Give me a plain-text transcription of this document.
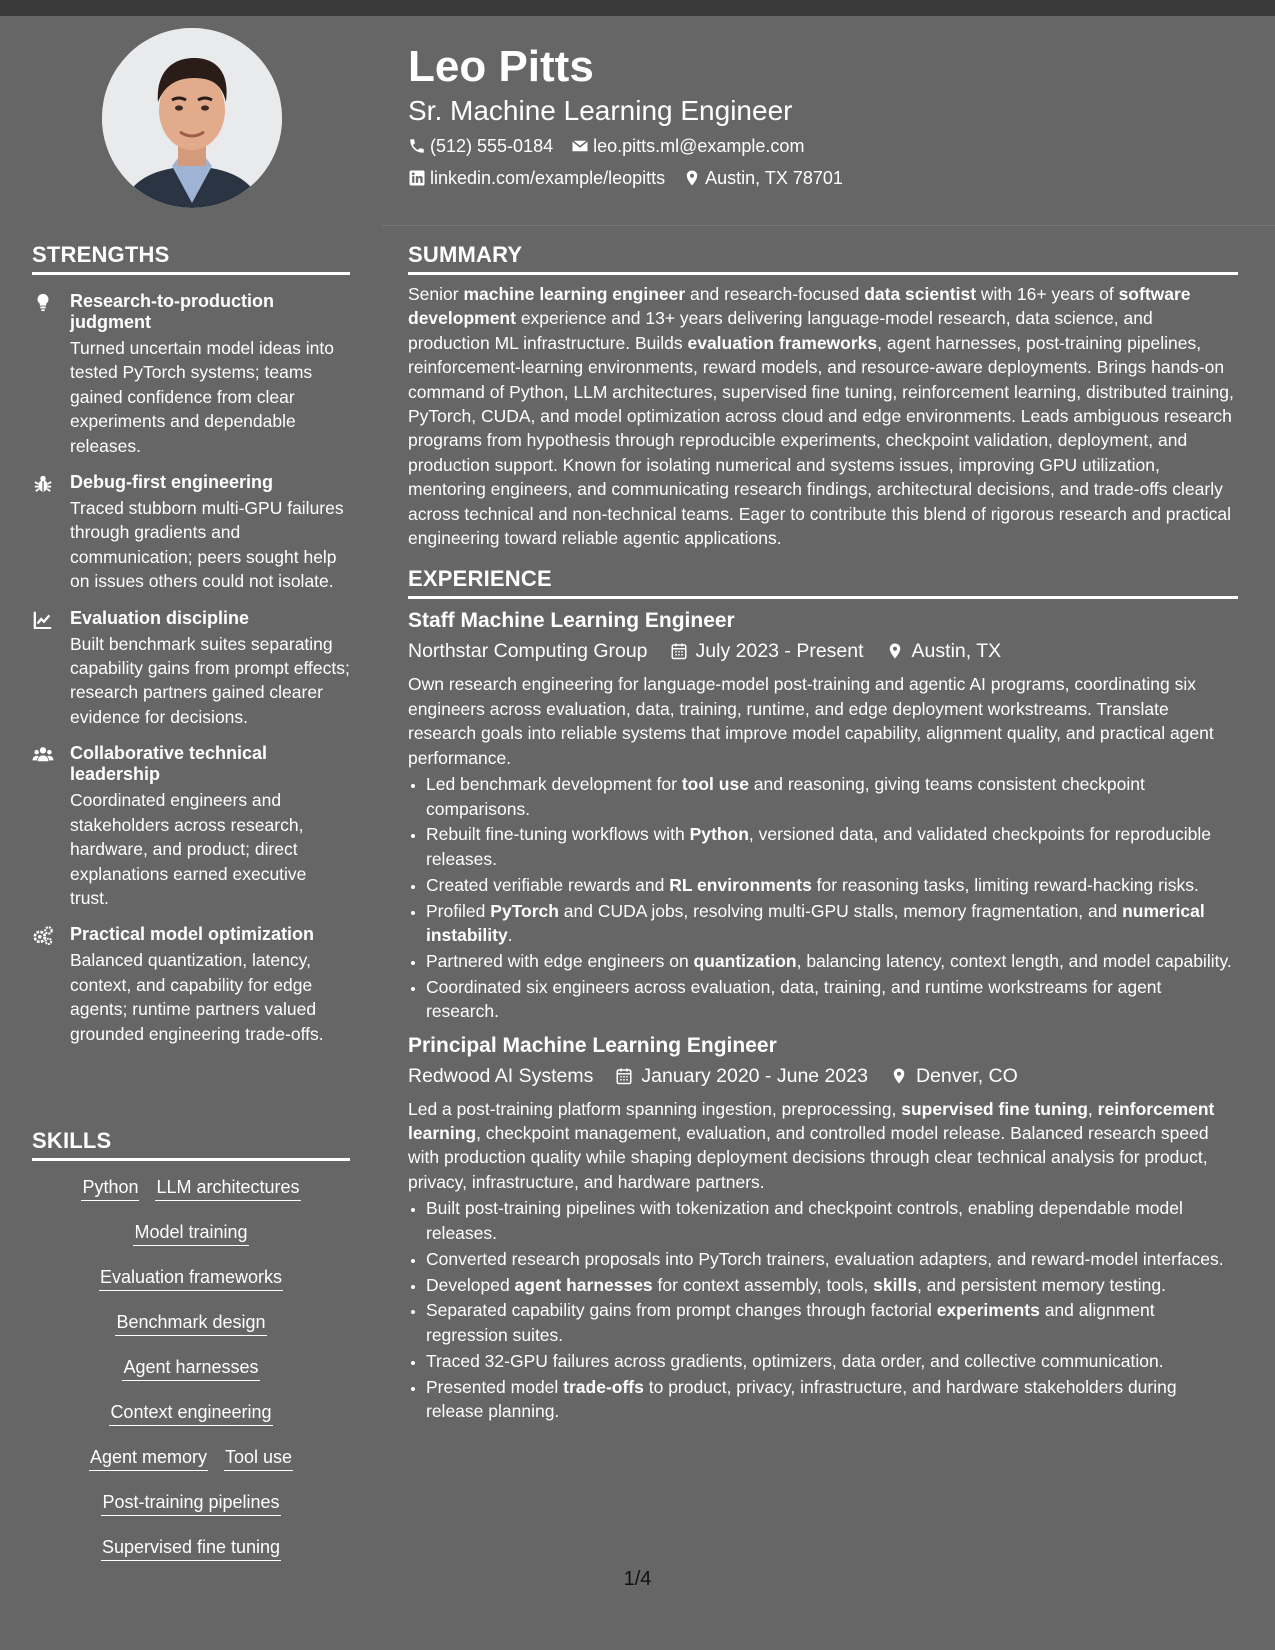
Leo Pitts
Sr. Machine Learning Engineer
(512) 555-0184 leo.pitts.ml@example.com
linkedin.com/example/leopitts Austin, TX 78701
STRENGTHS
Research-to-production judgment
Turned uncertain model ideas into tested PyTorch systems; teams gained confidence from clear experiments and dependable releases.
Debug-first engineering
Traced stubborn multi-GPU failures through gradients and communication; peers sought help on issues others could not isolate.
Evaluation discipline
Built benchmark suites separating capability gains from prompt effects; research partners gained clearer evidence for decisions.
Collaborative technical leadership
Coordinated engineers and stakeholders across research, hardware, and product; direct explanations earned executive trust.
Practical model optimization
Balanced quantization, latency, context, and capability for edge agents; runtime partners valued grounded engineering trade-offs.
SKILLS
Python LLM architectures
Model training
Evaluation frameworks
Benchmark design
Agent harnesses
Context engineering
Agent memory Tool use
Post-training pipelines
Supervised fine tuning
SUMMARY

Senior machine learning engineer and research-focused data scientist with 16+ years of software development experience and 13+ years delivering language-model research, data science, and production ML infrastructure. Builds evaluation frameworks, agent harnesses, post-training pipelines, reinforcement-learning environments, reward models, and resource-aware deployments. Brings hands-on command of Python, LLM architectures, supervised fine tuning, reinforcement learning, distributed training, PyTorch, CUDA, and model optimization across cloud and edge environments. Leads ambiguous research programs from hypothesis through reproducible experiments, checkpoint validation, deployment, and production support. Known for isolating numerical and systems issues, improving GPU utilization, mentoring engineers, and communicating research findings, architectural decisions, and trade-offs clearly across technical and non-technical teams. Eager to contribute this blend of rigorous research and practical engineering toward reliable agentic applications.

EXPERIENCE
Staff Machine Learning Engineer
Northstar Computing Group July 2023 - Present Austin, TX

Own research engineering for language-model post-training and agentic AI programs, coordinating six engineers across evaluation, data, training, runtime, and edge deployment workstreams. Translate research goals into reliable systems that improve model capability, alignment quality, and practical agent performance.

• Led benchmark development for tool use and reasoning, giving teams consistent checkpoint comparisons.
• Rebuilt fine-tuning workflows with Python, versioned data, and validated checkpoints for reproducible releases.
• Created verifiable rewards and RL environments for reasoning tasks, limiting reward-hacking risks.
• Profiled PyTorch and CUDA jobs, resolving multi-GPU stalls, memory fragmentation, and numerical instability.
• Partnered with edge engineers on quantization, balancing latency, context length, and model capability.
• Coordinated six engineers across evaluation, data, training, and runtime workstreams for agent research.
Principal Machine Learning Engineer
Redwood AI Systems January 2020 - June 2023 Denver, CO

Led a post-training platform spanning ingestion, preprocessing, supervised fine tuning, reinforcement learning, checkpoint management, evaluation, and controlled model release. Balanced research speed with production quality while shaping deployment decisions through clear technical analysis for product, privacy, infrastructure, and hardware partners.

• Built post-training pipelines with tokenization and checkpoint controls, enabling dependable model releases.
• Converted research proposals into PyTorch trainers, evaluation adapters, and reward-model interfaces.
• Developed agent harnesses for context assembly, tools, skills, and persistent memory testing.
• Separated capability gains from prompt changes through factorial experiments and alignment regression suites.
• Traced 32-GPU failures across gradients, optimizers, data order, and collective communication.
• Presented model trade-offs to product, privacy, infrastructure, and hardware stakeholders during release planning.
1/4
